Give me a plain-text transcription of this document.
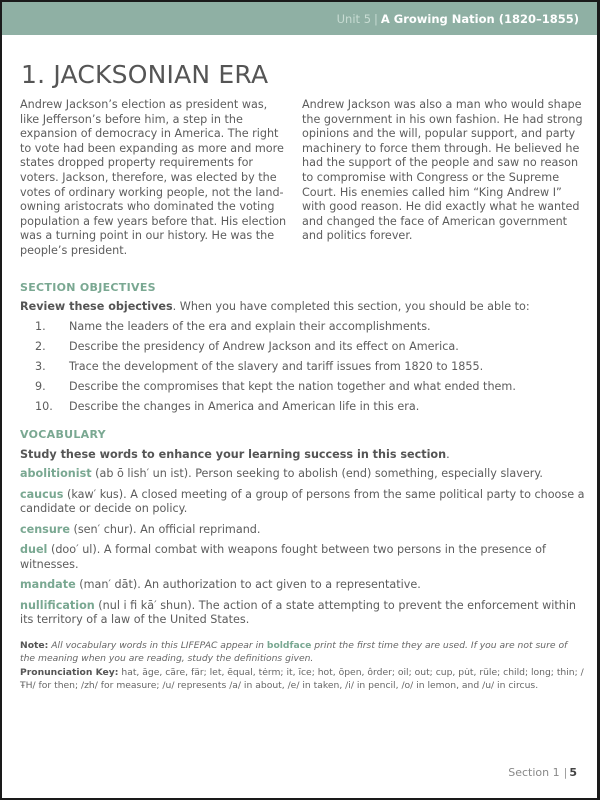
Unit 5 | A Growing Nation (1820–1855)
1. JACKSONIAN ERA

Andrew Jackson’s election as president was, like Jefferson’s before him, a step in the expansion of democracy in America. The right to vote had been expanding as more and more states dropped property requirements for voters. Jackson, therefore, was elected by the votes of ordinary working people, not the land-owning aristocrats who dominated the voting population a few years before that. His election was a turning point in our history. He was the people’s president.

Andrew Jackson was also a man who would shape the government in his own fashion. He had strong opinions and the will, popular support, and party machinery to force them through. He believed he had the support of the people and saw no reason to compromise with Congress or the Supreme Court. His enemies called him “King Andrew I” with good reason. He did exactly what he wanted and changed the face of American government and politics forever.

SECTION OBJECTIVES
Review these objectives. When you have completed this section, you should be able to:
1. Name the leaders of the era and explain their accomplishments.
2. Describe the presidency of Andrew Jackson and its effect on America.
3. Trace the development of the slavery and tariff issues from 1820 to 1855.
9. Describe the compromises that kept the nation together and what ended them.
10. Describe the changes in America and American life in this era.
VOCABULARY
Study these words to enhance your learning success in this section.

abolitionist (ab ō lish′ un ist). Person seeking to abolish (end) something, especially slavery.

caucus (kaw′ kus). A closed meeting of a group of persons from the same political party to choose a candidate or decide on policy.

censure (sen′ chur). An official reprimand.

duel (doo′ ul). A formal combat with weapons fought between two persons in the presence of witnesses.

mandate (man′ dāt). An authorization to act given to a representative.

nullification (nul i fi kā′ shun). The action of a state attempting to prevent the enforcement within its territory of a law of the United States.

Note: All vocabulary words in this LIFEPAC appear in boldface print the first time they are used. If you are not sure of the meaning when you are reading, study the definitions given.

Pronunciation Key: hat, āge, cãre, fär; let, ēqual, tėrm; it, īce; hot, ōpen, ôrder; oil; out; cup, pu̇t, rüle; child; long; thin; /ŦH/ for then; /zh/ for measure; /u/ represents /a/ in about, /e/ in taken, /i/ in pencil, /o/ in lemon, and /u/ in circus.

Section 1 | 5
